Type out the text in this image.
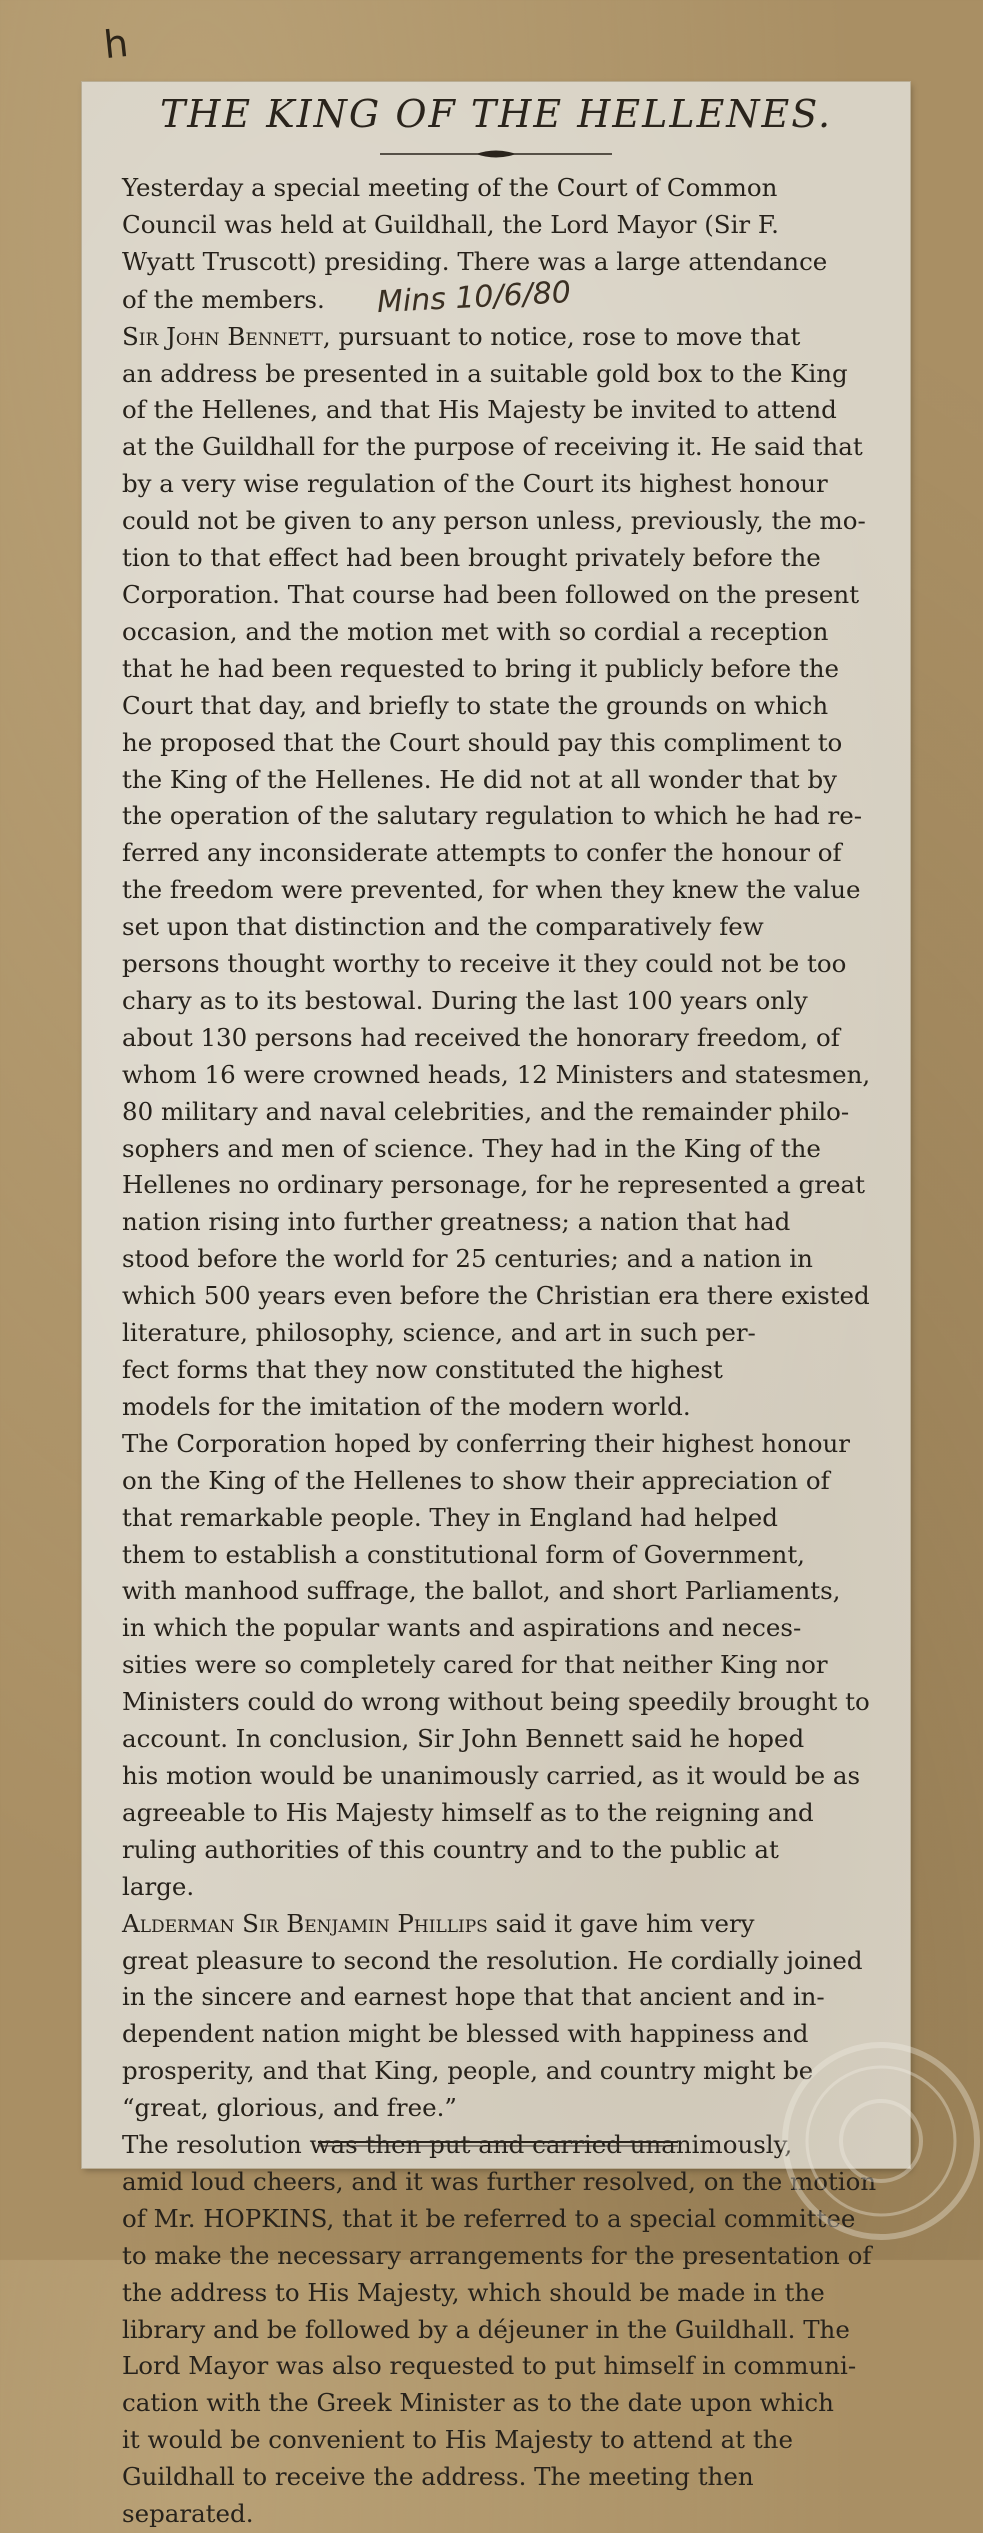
h
THE KING OF THE HELLENES.

Yesterday a special meeting of the Court of Common
Council was held at Guildhall, the Lord Mayor (Sir F.
Wyatt Truscott) presiding. There was a large attendance
of the members. Mins 10/6/80

Sir John Bennett, pursuant to notice, rose to move that
an address be presented in a suitable gold box to the King
of the Hellenes, and that His Majesty be invited to attend
at the Guildhall for the purpose of receiving it. He said that
by a very wise regulation of the Court its highest honour
could not be given to any person unless, previously, the mo-
tion to that effect had been brought privately before the
Corporation. That course had been followed on the present
occasion, and the motion met with so cordial a reception
that he had been requested to bring it publicly before the
Court that day, and briefly to state the grounds on which
he proposed that the Court should pay this compliment to
the King of the Hellenes. He did not at all wonder that by
the operation of the salutary regulation to which he had re-
ferred any inconsiderate attempts to confer the honour of
the freedom were prevented, for when they knew the value
set upon that distinction and the comparatively few
persons thought worthy to receive it they could not be too
chary as to its bestowal. During the last 100 years only
about 130 persons had received the honorary freedom, of
whom 16 were crowned heads, 12 Ministers and statesmen,
80 military and naval celebrities, and the remainder philo-
sophers and men of science. They had in the King of the
Hellenes no ordinary personage, for he represented a great
nation rising into further greatness; a nation that had
stood before the world for 25 centuries; and a nation in
which 500 years even before the Christian era there existed
literature, philosophy, science, and art in such per-
fect forms that they now constituted the highest
models for the imitation of the modern world.
The Corporation hoped by conferring their highest honour
on the King of the Hellenes to show their appreciation of
that remarkable people. They in England had helped
them to establish a constitutional form of Government,
with manhood suffrage, the ballot, and short Parliaments,
in which the popular wants and aspirations and neces-
sities were so completely cared for that neither King nor
Ministers could do wrong without being speedily brought to
account. In conclusion, Sir John Bennett said he hoped
his motion would be unanimously carried, as it would be as
agreeable to His Majesty himself as to the reigning and
ruling authorities of this country and to the public at
large.

Alderman Sir Benjamin Phillips said it gave him very
great pleasure to second the resolution. He cordially joined
in the sincere and earnest hope that that ancient and in-
dependent nation might be blessed with happiness and
prosperity, and that King, people, and country might be
“great, glorious, and free.”

The resolution was then put and carried unanimously,
amid loud cheers, and it was further resolved, on the motion
of Mr. HOPKINS, that it be referred to a special committee
to make the necessary arrangements for the presentation of
the address to His Majesty, which should be made in the
library and be followed by a déjeuner in the Guildhall. The
Lord Mayor was also requested to put himself in communi-
cation with the Greek Minister as to the date upon which
it would be convenient to His Majesty to attend at the
Guildhall to receive the address. The meeting then
separated.
